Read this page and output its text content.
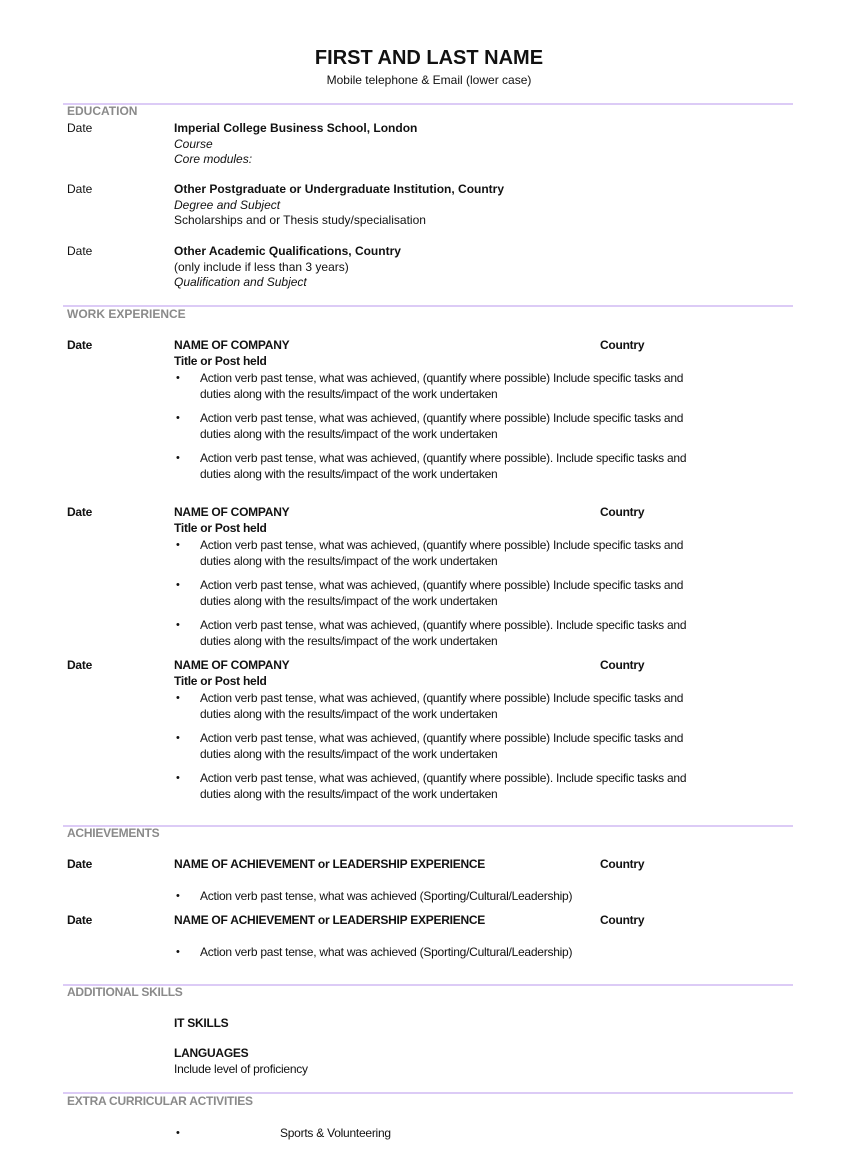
FIRST AND LAST NAME
Mobile telephone & Email (lower case)
EDUCATION
Date	Imperial College Business School, London
Course
Core modules:
Date	Other Postgraduate or Undergraduate Institution, Country
Degree and Subject
Scholarships and or Thesis study/specialisation
Date	Other Academic Qualifications, Country
(only include if less than 3 years)
Qualification and Subject
WORK EXPERIENCE
Date	NAME OF COMPANY	Country
Title or Post held
• Action verb past tense, what was achieved, (quantify where possible) Include specific tasks and
duties along with the results/impact of the work undertaken
• Action verb past tense, what was achieved, (quantify where possible) Include specific tasks and
duties along with the results/impact of the work undertaken
• Action verb past tense, what was achieved, (quantify where possible). Include specific tasks and
duties along with the results/impact of the work undertaken
Date	NAME OF COMPANY	Country
Title or Post held
• Action verb past tense, what was achieved, (quantify where possible) Include specific tasks and
duties along with the results/impact of the work undertaken
• Action verb past tense, what was achieved, (quantify where possible) Include specific tasks and
duties along with the results/impact of the work undertaken
• Action verb past tense, what was achieved, (quantify where possible). Include specific tasks and
duties along with the results/impact of the work undertaken
Date	NAME OF COMPANY	Country
Title or Post held
• Action verb past tense, what was achieved, (quantify where possible) Include specific tasks and
duties along with the results/impact of the work undertaken
• Action verb past tense, what was achieved, (quantify where possible) Include specific tasks and
duties along with the results/impact of the work undertaken
• Action verb past tense, what was achieved, (quantify where possible). Include specific tasks and
duties along with the results/impact of the work undertaken
ACHIEVEMENTS
Date	NAME OF ACHIEVEMENT or LEADERSHIP EXPERIENCE	Country
• Action verb past tense, what was achieved (Sporting/Cultural/Leadership)
Date	NAME OF ACHIEVEMENT or LEADERSHIP EXPERIENCE	Country
• Action verb past tense, what was achieved (Sporting/Cultural/Leadership)
ADDITIONAL SKILLS
IT SKILLS
LANGUAGES
Include level of proficiency
EXTRA CURRICULAR ACTIVITIES
•	Sports & Volunteering
